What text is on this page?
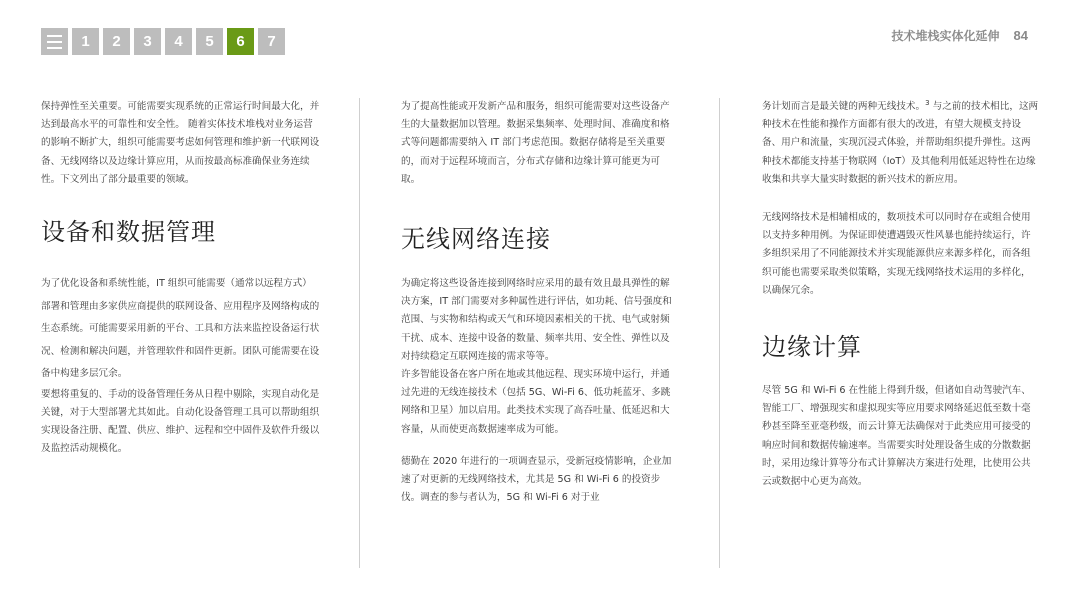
1	2	3	4	5	6	7	技术堆栈实体化延伸 84

保持弹性至关重要。可能需要实现系统的正常运行时间最大化，并达到最高水平的可靠性和安全性。 随着实体技术堆栈对业务运营的影响不断扩大，组织可能需要考虑如何管理和维护新一代联网设备、无线网络以及边缘计算应用，从而按最高标准确保业务连续性。下文列出了部分最重要的领域。

设备和数据管理

为了优化设备和系统性能，IT 组织可能需要（通常以远程方式）部署和管理由多家供应商提供的联网设备、应用程序及网络构成的生态系统。可能需要采用新的平台、工具和方法来监控设备运行状况、检测和解决问题，并管理软件和固件更新。团队可能需要在设备中构建多层冗余。

要想将重复的、手动的设备管理任务从日程中剔除，实现自动化是关键，对于大型部署尤其如此。自动化设备管理工具可以帮助组织实现设备注册、配置、供应、维护、远程和空中固件及软件升级以及监控活动规模化。

为了提高性能或开发新产品和服务，组织可能需要对这些设备产生的大量数据加以管理。数据采集频率、处理时间、准确度和格式等问题都需要纳入 IT 部门考虑范围。数据存储将是至关重要的，而对于远程环境而言，分布式存储和边缘计算可能更为可取。

无线网络连接

为确定将这些设备连接到网络时应采用的最有效且最具弹性的解决方案，IT 部门需要对多种属性进行评估，如功耗、信号强度和范围、与实物和结构或天气和环境因素相关的干扰、电气或射频干扰、成本、连接中设备的数量、频率共用、安全性、弹性以及对持续稳定互联网连接的需求等等。

许多智能设备在客户所在地或其他远程、现实环境中运行，并通过先进的无线连接技术（包括 5G、Wi-Fi 6、低功耗蓝牙、多跳网络和卫星）加以启用。此类技术实现了高吞吐量、低延迟和大容量，从而使更高数据速率成为可能。

德勤在 2020 年进行的一项调查显示，受新冠疫情影响，企业加速了对更新的无线网络技术，尤其是 5G 和 Wi-Fi 6 的投资步伐。调查的参与者认为，5G 和 Wi-Fi 6 对于业

务计划而言是最关键的两种无线技术。$^3$ 与之前的技术相比，这两种技术在性能和操作方面都有很大的改进，有望大规模支持设备、用户和流量，实现沉浸式体验，并帮助组织提升弹性。这两种技术都能支持基于物联网（IoT）及其他利用低延迟特性在边缘收集和共享大量实时数据的新兴技术的新应用。

无线网络技术是相辅相成的，数项技术可以同时存在或组合使用以支持多种用例。为保证即使遭遇毁灭性风暴也能持续运行，许多组织采用了不同能源技术并实现能源供应来源多样化，而各组织可能也需要采取类似策略，实现无线网络技术运用的多样化，以确保冗余。

边缘计算

尽管 5G 和 Wi-Fi 6 在性能上得到升级，但诸如自动驾驶汽车、智能工厂、增强现实和虚拟现实等应用要求网络延迟低至数十毫秒甚至降至亚毫秒级，而云计算无法确保对于此类应用可接受的响应时间和数据传输速率。当需要实时处理设备生成的分散数据时，采用边缘计算等分布式计算解决方案进行处理，比使用公共云或数据中心更为高效。
